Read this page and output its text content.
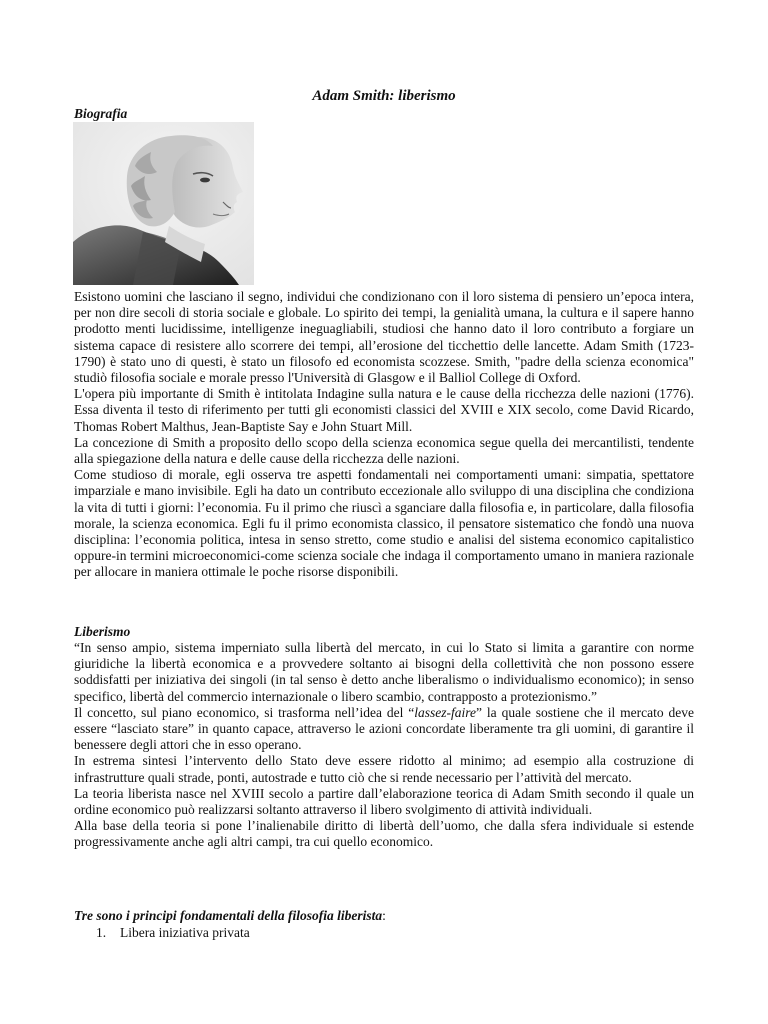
Adam Smith: liberismo
Biografia

Esistono uomini che lasciano il segno, individui che condizionano con il loro sistema di pensiero un’epoca intera, per non dire secoli di storia sociale e globale. Lo spirito dei tempi, la genialità umana, la cultura e il sapere hanno prodotto menti lucidissime, intelligenze ineguagliabili, studiosi che hanno dato il loro contributo a forgiare un sistema capace di resistere allo scorrere dei tempi, all’erosione del ticchettio delle lancette. Adam Smith (1723-1790) è stato uno di questi, è stato un filosofo ed economista scozzese. Smith, "padre della scienza economica" studiò filosofia sociale e morale presso l'Università di Glasgow e il Balliol College di Oxford.

L'opera più importante di Smith è intitolata Indagine sulla natura e le cause della ricchezza delle nazioni (1776). Essa diventa il testo di riferimento per tutti gli economisti classici del XVIII e XIX secolo, come David Ricardo, Thomas Robert Malthus, Jean-Baptiste Say e John Stuart Mill.

La concezione di Smith a proposito dello scopo della scienza economica segue quella dei mercantilisti, tendente alla spiegazione della natura e delle cause della ricchezza delle nazioni.

Come studioso di morale, egli osserva tre aspetti fondamentali nei comportamenti umani: simpatia, spettatore imparziale e mano invisibile. Egli ha dato un contributo eccezionale allo sviluppo di una disciplina che condiziona la vita di tutti i giorni: l’economia. Fu il primo che riuscì a sganciare dalla filosofia e, in particolare, dalla filosofia morale, la scienza economica. Egli fu il primo economista classico, il pensatore sistematico che fondò una nuova disciplina: l’economia politica, intesa in senso stretto, come studio e analisi del sistema economico capitalistico oppure-in termini microeconomici-come scienza sociale che indaga il comportamento umano in maniera razionale per allocare in maniera ottimale le poche risorse disponibili.

Liberismo

“In senso ampio, sistema imperniato sulla libertà del mercato, in cui lo Stato si limita a garantire con norme giuridiche la libertà economica e a provvedere soltanto ai bisogni della collettività che non possono essere soddisfatti per iniziativa dei singoli (in tal senso è detto anche liberalismo o individualismo economico); in senso specifico, libertà del commercio internazionale o libero scambio, contrapposto a protezionismo.”

Il concetto, sul piano economico, si trasforma nell’idea del “lassez-faire” la quale sostiene che il mercato deve essere “lasciato stare” in quanto capace, attraverso le azioni concordate liberamente tra gli uomini, di garantire il benessere degli attori che in esso operano.

In estrema sintesi l’intervento dello Stato deve essere ridotto al minimo; ad esempio alla costruzione di infrastrutture quali strade, ponti, autostrade e tutto ciò che si rende necessario per l’attività del mercato.

La teoria liberista nasce nel XVIII secolo a partire dall’elaborazione teorica di Adam Smith secondo il quale un ordine economico può realizzarsi soltanto attraverso il libero svolgimento di attività individuali.

Alla base della teoria si pone l’inalienabile diritto di libertà dell’uomo, che dalla sfera individuale si estende progressivamente anche agli altri campi, tra cui quello economico.

Tre sono i principi fondamentali della filosofia liberista:
1. Libera iniziativa privata
